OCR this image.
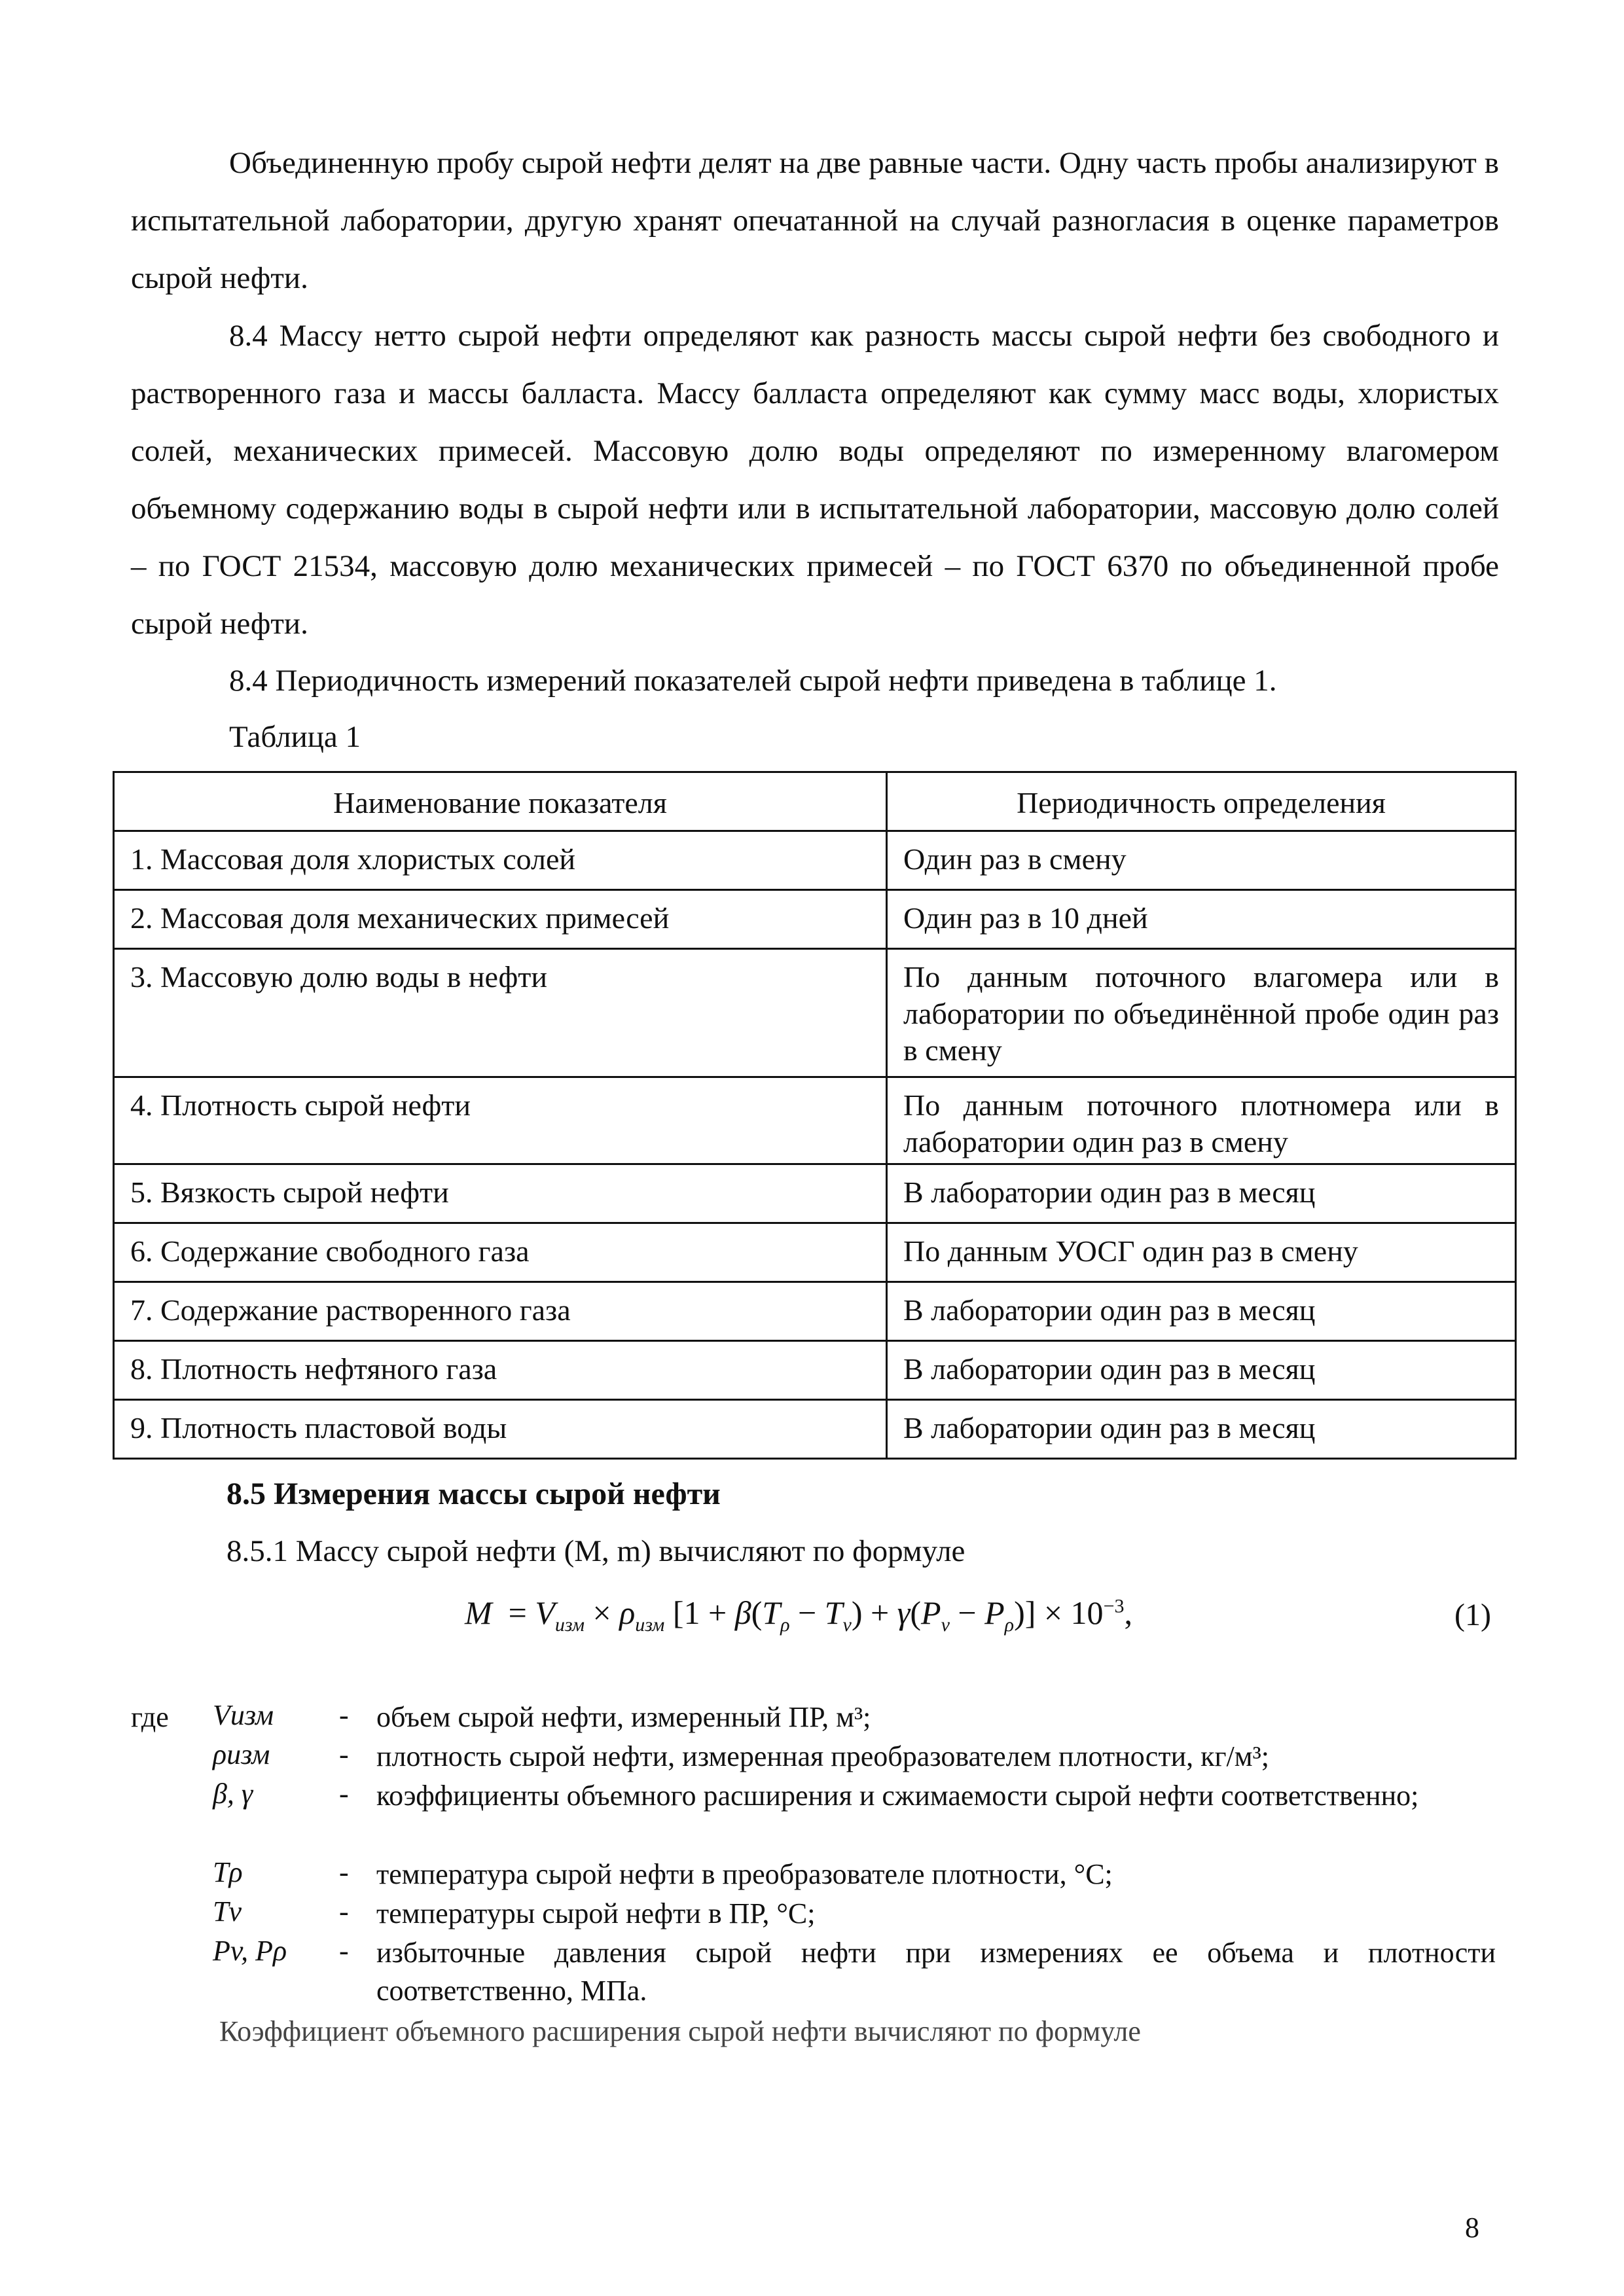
Объединенную пробу сырой нефти делят на две равные части. Одну часть пробы анализируют в испытательной лаборатории, другую хранят опечатанной на случай разногласия в оценке параметров сырой нефти.

8.4 Массу нетто сырой нефти определяют как разность массы сырой нефти без свободного и растворенного газа и массы балласта. Массу балласта определяют как сумму масс воды, хлористых солей, механических примесей. Массовую долю воды определяют по измеренному влагомером объемному содержанию воды в сырой нефти или в испытательной лаборатории, массовую долю солей – по ГОСТ 21534, массовую долю механических примесей – по ГОСТ 6370 по объединенной пробе сырой нефти.

8.4 Периодичность измерений показателей сырой нефти приведена в таблице 1.

Таблица 1

Наименование показателя	Периодичность определения
1. Массовая доля хлористых солей	Один раз в смену
2. Массовая доля механических примесей	Один раз в 10 дней
3. Массовую долю воды в нефти	По данным поточного влагомера или в лаборатории по объединённой пробе один раз в смену
4. Плотность сырой нефти	По данным поточного плотномера или в лаборатории один раз в смену
5. Вязкость сырой нефти	В лаборатории один раз в месяц
6. Содержание свободного газа	По данным УОСГ один раз в смену
7. Содержание растворенного газа	В лаборатории один раз в месяц
8. Плотность нефтяного газа	В лаборатории один раз в месяц
9. Плотность пластовой воды	В лаборатории один раз в месяц
8.5 Измерения массы сырой нефти

8.5.1 Массу сырой нефти (M, m) вычисляют по формуле

$M = V_{изм} \times \rho_{изм}$ $[1 + \beta(T_\rho - T_v) + \gamma(P_v - P_\rho)] \times 10^{-3}$,	(1)
где Vизм	- объем сырой нефти, измеренный ПР, м³;
ρизм	- плотность сырой нефти, измеренная преобразователем плотности, кг/м³;
β, γ	- коэффициенты объемного расширения и сжимаемости сырой нефти соответственно;
Tρ	- температура сырой нефти в преобразователе плотности, °С;
Tv	- температуры сырой нефти в ПР, °С;
Pv, Pρ	- избыточные давления сырой нефти при измерениях ее объема и плотности соответственно, МПа.
Коэффициент объемного расширения сырой нефти вычисляют по формуле
8
